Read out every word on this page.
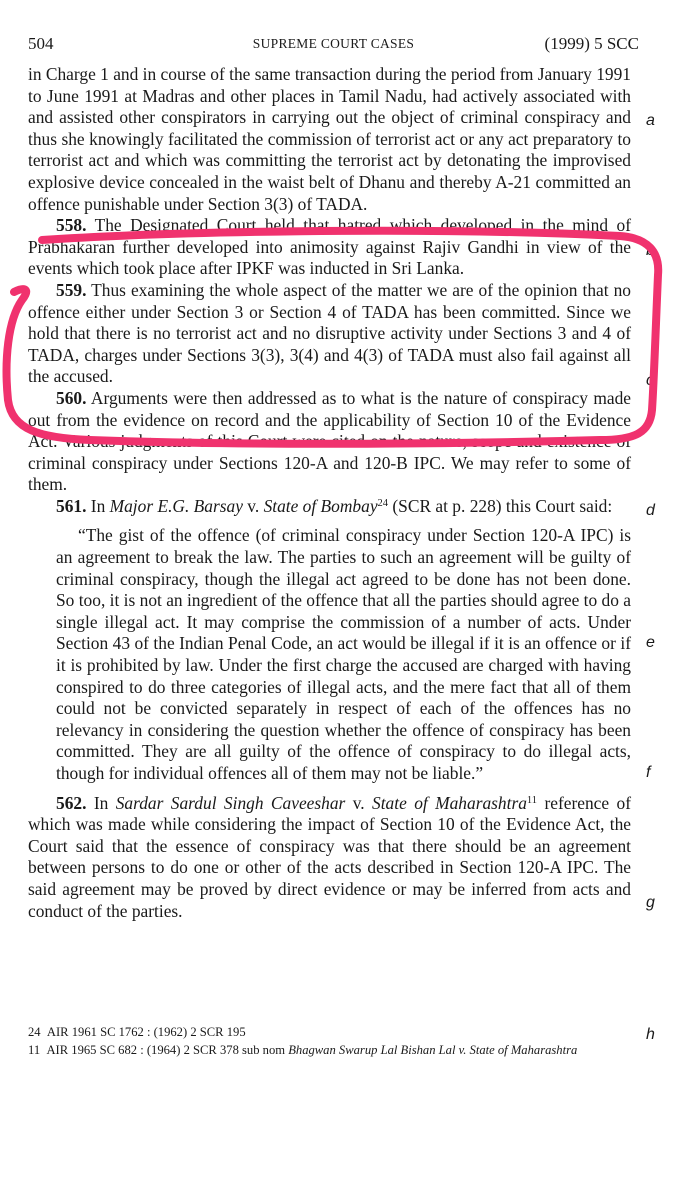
504	SUPREME COURT CASES	(1999) 5 SCC

in Charge 1 and in course of the same transaction during the period from January 1991 to June 1991 at Madras and other places in Tamil Nadu, had actively associated with and assisted other conspirators in carrying out the object of criminal conspiracy and thus she knowingly facilitated the commission of terrorist act or any act preparatory to terrorist act and which was committing the terrorist act by detonating the improvised explosive device concealed in the waist belt of Dhanu and thereby A-21 committed an offence punishable under Section 3(3) of TADA.

558. The Designated Court held that hatred which developed in the mind of Prabhakaran further developed into animosity against Rajiv Gandhi in view of the events which took place after IPKF was inducted in Sri Lanka.

559. Thus examining the whole aspect of the matter we are of the opinion that no offence either under Section 3 or Section 4 of TADA has been committed. Since we hold that there is no terrorist act and no disruptive activity under Sections 3 and 4 of TADA, charges under Sections 3(3), 3(4) and 4(3) of TADA must also fail against all the accused.

560. Arguments were then addressed as to what is the nature of conspiracy made out from the evidence on record and the applicability of Section 10 of the Evidence Act. Various judgments of this Court were cited on the nature, scope and existence of criminal conspiracy under Sections 120-A and 120-B IPC. We may refer to some of them.

561. In Major E.G. Barsay v. State of Bombay$^{24}$ (SCR at p. 228) this Court said:

“The gist of the offence (of criminal conspiracy under Section 120-A IPC) is an agreement to break the law. The parties to such an agreement will be guilty of criminal conspiracy, though the illegal act agreed to be done has not been done. So too, it is not an ingredient of the offence that all the parties should agree to do a single illegal act. It may comprise the commission of a number of acts. Under Section 43 of the Indian Penal Code, an act would be illegal if it is an offence or if it is prohibited by law. Under the first charge the accused are charged with having conspired to do three categories of illegal acts, and the mere fact that all of them could not be convicted separately in respect of each of the offences has no relevancy in considering the question whether the offence of conspiracy has been committed. They are all guilty of the offence of conspiracy to do illegal acts, though for individual offences all of them may not be liable.”

562. In Sardar Sardul Singh Caveeshar v. State of Maharashtra$^{11}$ reference of which was made while considering the impact of Section 10 of the Evidence Act, the Court said that the essence of conspiracy was that there should be an agreement between persons to do one or other of the acts described in Section 120-A IPC. The said agreement may be proved by direct evidence or may be inferred from acts and conduct of the parties.

a
b
c
d
e
f
g
h

24 AIR 1961 SC 1762 : (1962) 2 SCR 195

11 AIR 1965 SC 682 : (1964) 2 SCR 378 sub nom Bhagwan Swarup Lal Bishan Lal v. State of Maharashtra
